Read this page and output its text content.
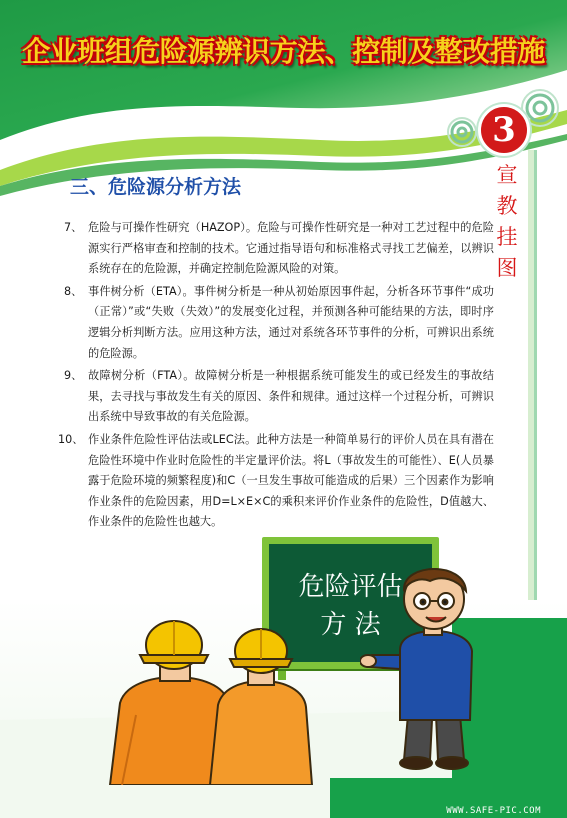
企业班组危险源辨识方法、控制及整改措施
3
宣
教
挂
图
三、危险源分析方法
7、 危险与可操作性研究（HAZOP）。危险与可操作性研究是一种对工艺过程中的危险源实行严格审查和控制的技术。它通过指导语句和标准格式寻找工艺偏差，以辨识系统存在的危险源，并确定控制危险源风险的对策。
8、 事件树分析（ETA）。事件树分析是一种从初始原因事件起，分析各环节事件“成功（正常）”或“失败（失效）”的发展变化过程，并预测各种可能结果的方法，即时序逻辑分析判断方法。应用这种方法，通过对系统各环节事件的分析，可辨识出系统的危险源。
9、 故障树分析（FTA）。故障树分析是一种根据系统可能发生的或已经发生的事故结果，去寻找与事故发生有关的原因、条件和规律。通过这样一个过程分析，可辨识出系统中导致事故的有关危险源。
10、 作业条件危险性评估法或LEC法。此种方法是一种简单易行的评价人员在具有潜在危险性环境中作业时危险性的半定量评价法。将L（事故发生的可能性）、E(人员暴露于危险环境的频繁程度)和C（一旦发生事故可能造成的后果）三个因素作为影响作业条件的危险因素，用D=L×E×C的乘积来评价作业条件的危险性，D值越大、作业条件的危险性也越大。
危险评估
方 法
WWW.SAFE-PIC.COM
